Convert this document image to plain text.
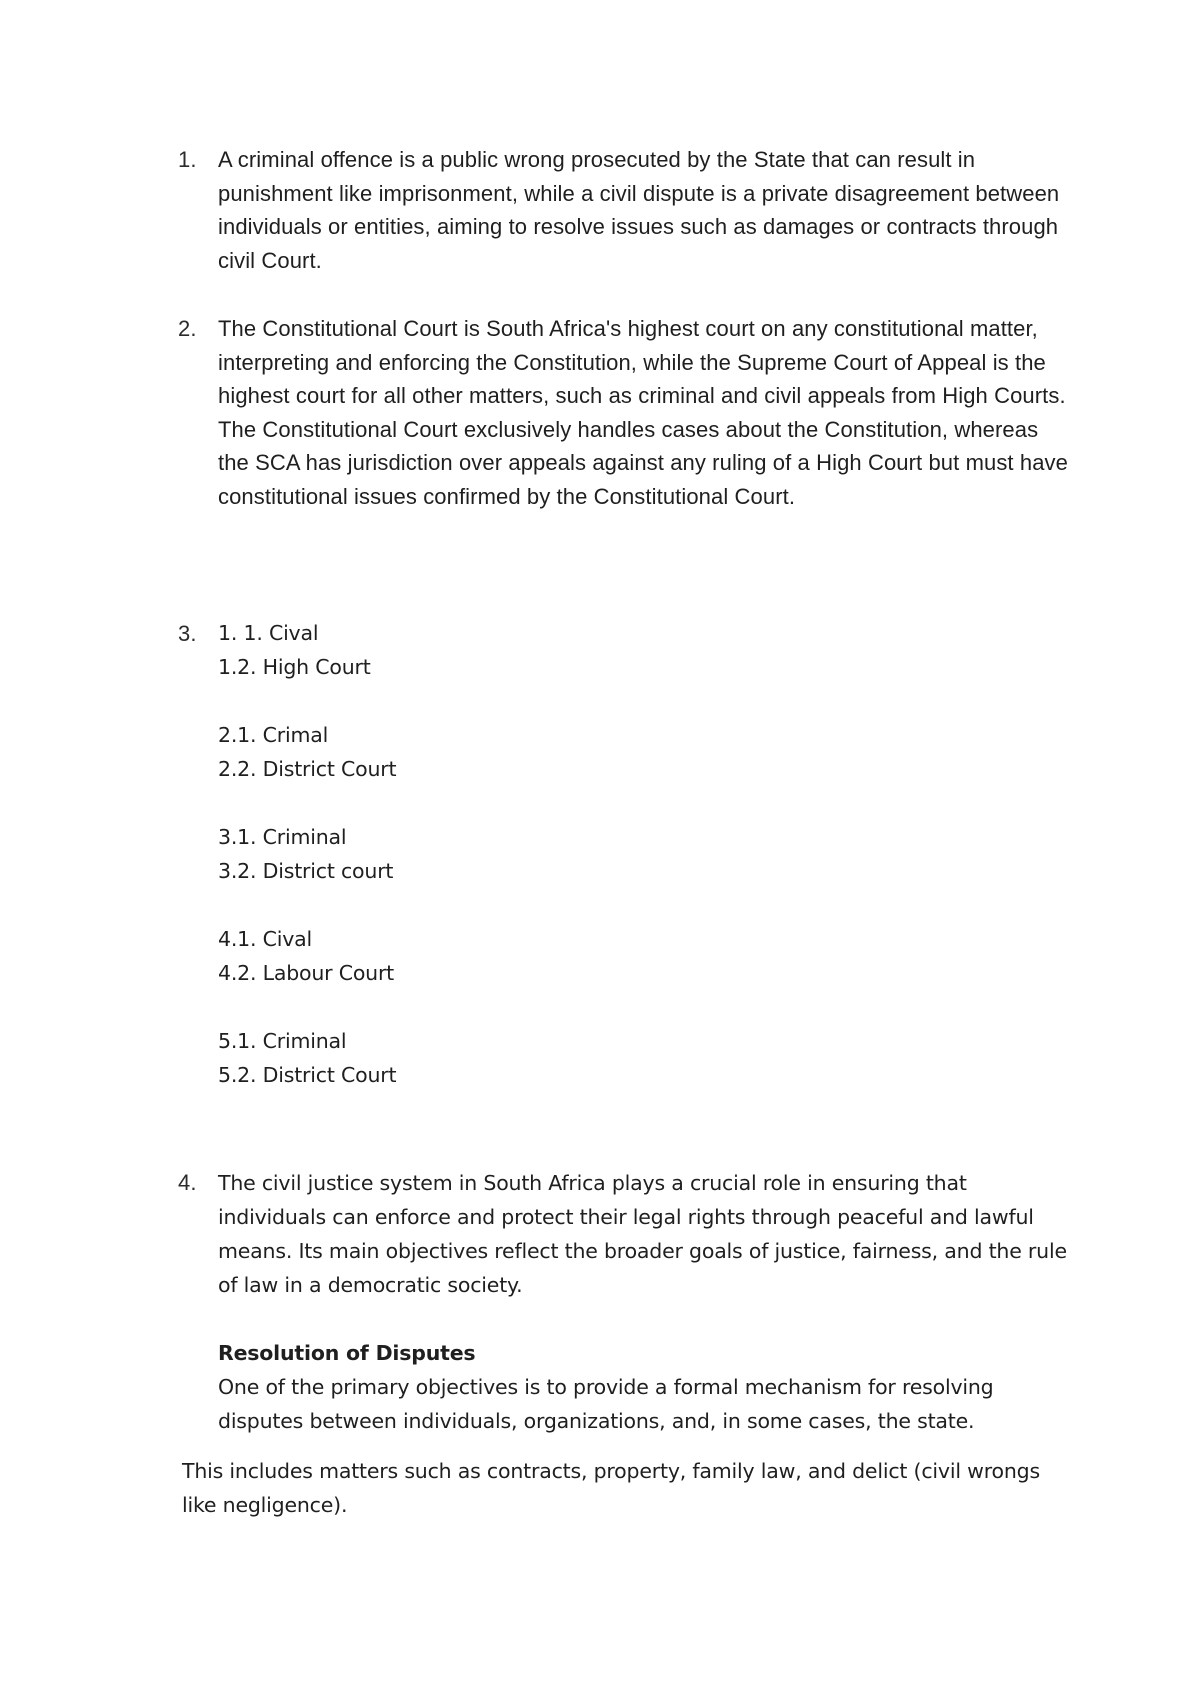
1. A criminal offence is a public wrong prosecuted by the State that can result in punishment like imprisonment, while a civil dispute is a private disagreement between individuals or entities, aiming to resolve issues such as damages or contracts through civil Court.
2. The Constitutional Court is South Africa's highest court on any constitutional matter, interpreting and enforcing the Constitution, while the Supreme Court of Appeal is the highest court for all other matters, such as criminal and civil appeals from High Courts. The Constitutional Court exclusively handles cases about the Constitution, whereas the SCA has jurisdiction over appeals against any ruling of a High Court but must have constitutional issues confirmed by the Constitutional Court.
3.	1. 1. Cival
1.2. High Court
2.1. Crimal
2.2. District Court
3.1. Criminal
3.2. District court
4.1. Cival
4.2. Labour Court
5.1. Criminal
5.2. District Court
4.	The civil justice system in South Africa plays a crucial role in ensuring that individuals can enforce and protect their legal rights through peaceful and lawful means. Its main objectives reflect the broader goals of justice, fairness, and the rule of law in a democratic society.
Resolution of Disputes
One of the primary objectives is to provide a formal mechanism for resolving disputes between individuals, organizations, and, in some cases, the state.
This includes matters such as contracts, property, family law, and delict (civil wrongs like negligence).
